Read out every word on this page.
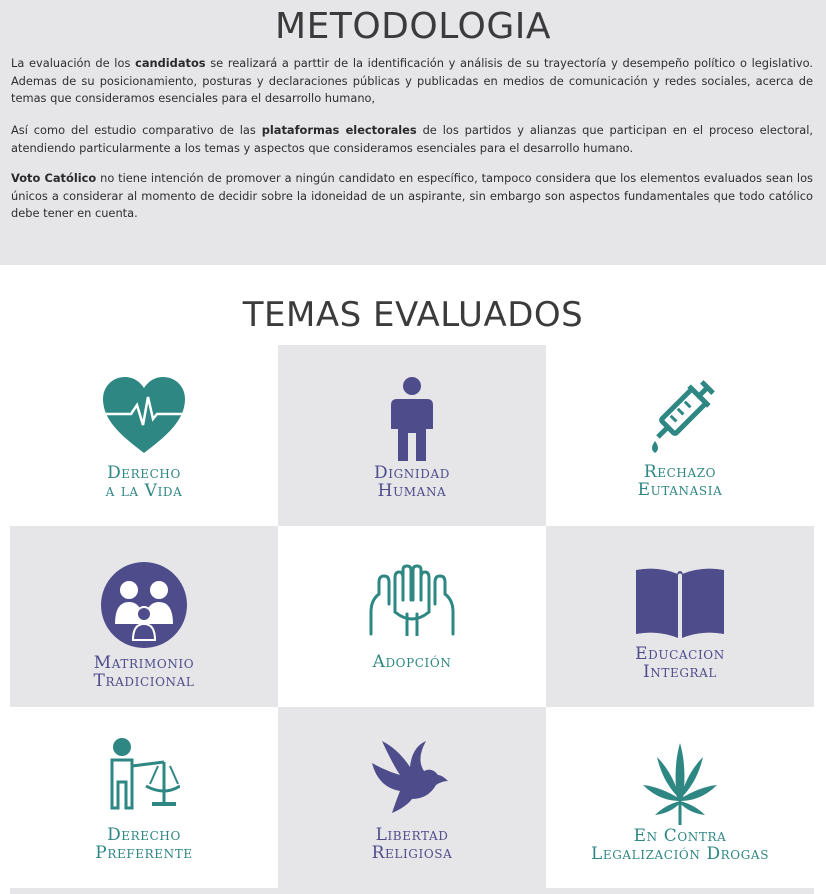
METODOLOGIA

La evaluación de los candidatos se realizará a parttir de la identificación y análisis de su trayectoría y desempeño político o legislativo. Ademas de su posicionamiento, posturas y declaraciones públicas y publicadas en medios de comunicación y redes sociales, acerca de temas que consideramos esenciales para el desarrollo humano,

Así como del estudio comparativo de las plataformas electorales de los partidos y alianzas que participan en el proceso electoral, atendiendo particularmente a los temas y aspectos que consideramos esenciales para el desarrollo humano.

Voto Católico no tiene intención de promover a ningún candidato en específico, tampoco considera que los elementos evaluados sean los únicos a considerar al momento de decidir sobre la idoneidad de un aspirante, sin embargo son aspectos fundamentales que todo católico debe tener en cuenta.

TEMAS EVALUADOS
Derecho
a la Vida
Dignidad
Humana
Rechazo
Eutanasia
Matrimonio
Tradicional
Adopción	Educacion
Integral
Derecho
Preferente
Libertad
Religiosa
En Contra
Legalización Drogas
